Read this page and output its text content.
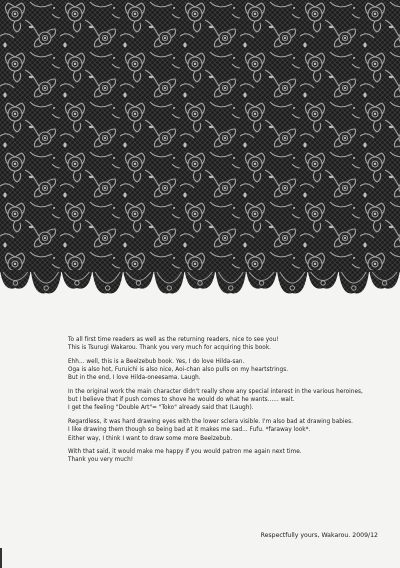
To all first time readers as well as the returning readers, nice to see you!
This is Tsurugi Wakarou. Thank you very much for acquiring this book.

Ehh... well, this is a Beelzebub book. Yes, I do love Hilda-san.
Oga is also hot, Furuichi is also nice, Aoi-chan also pulls on my heartstrings.
But in the end, I love Hilda-oneesama. Laugh.

In the original work the main character didn't really show any special interest in the various heroines,
but I believe that if push comes to shove he would do what he wants...... wait.
I get the feeling "Double Art"= "Toko" already said that (Laugh).

Regardless, it was hard drawing eyes with the lower sclera visible. I'm also bad at drawing babies.
I like drawing them though so being bad at it makes me sad... Fufu. *faraway look*.
Either way, I think I want to draw some more Beelzebub.

With that said, it would make me happy if you would patron me again next time.
Thank you very much!

Respectfully yours, Wakarou. 2009/12
